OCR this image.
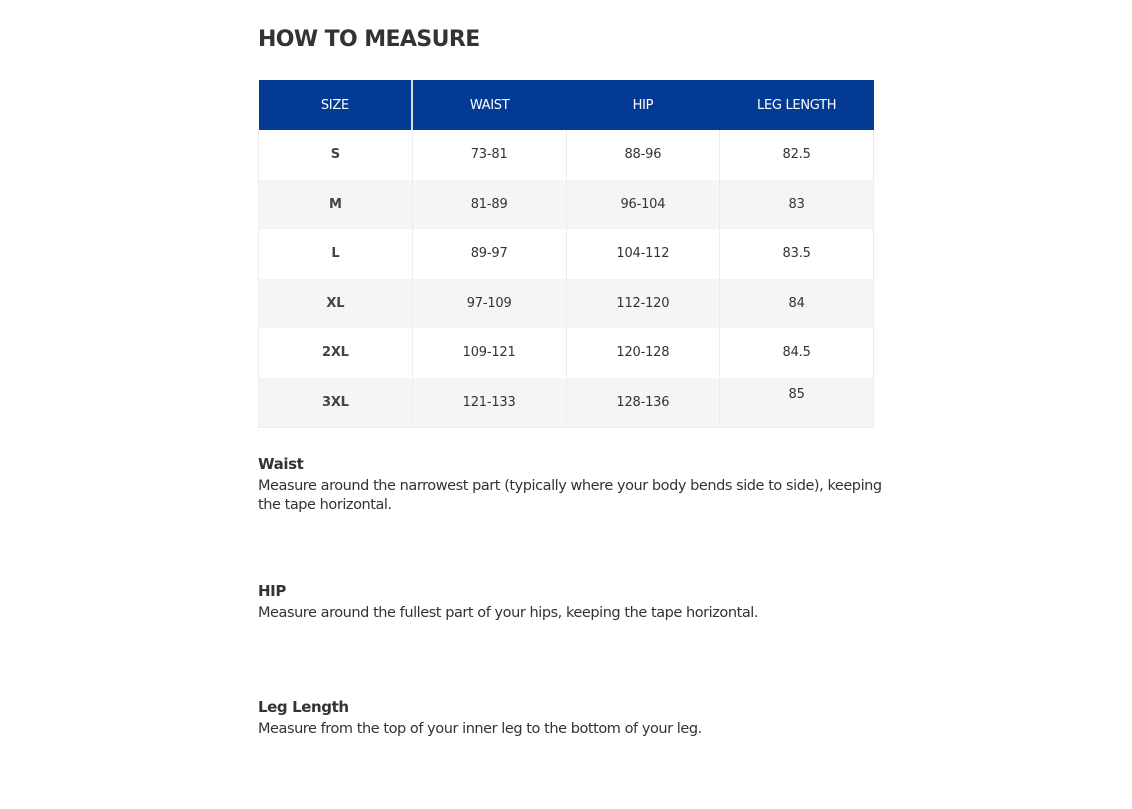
HOW TO MEASURE
SIZE	WAIST	HIP	LEG LENGTH
S	73-81	88-96	82.5
M	81-89	96-104	83
L	89-97	104-112	83.5
XL	97-109	112-120	84
2XL	109-121	120-128	84.5
3XL	121-133	128-136	85
Waist

Measure around the narrowest part (typically where your body bends side to side), keeping the tape horizontal.

HIP

Measure around the fullest part of your hips, keeping the tape horizontal.

Leg Length

Measure from the top of your inner leg to the bottom of your leg.
